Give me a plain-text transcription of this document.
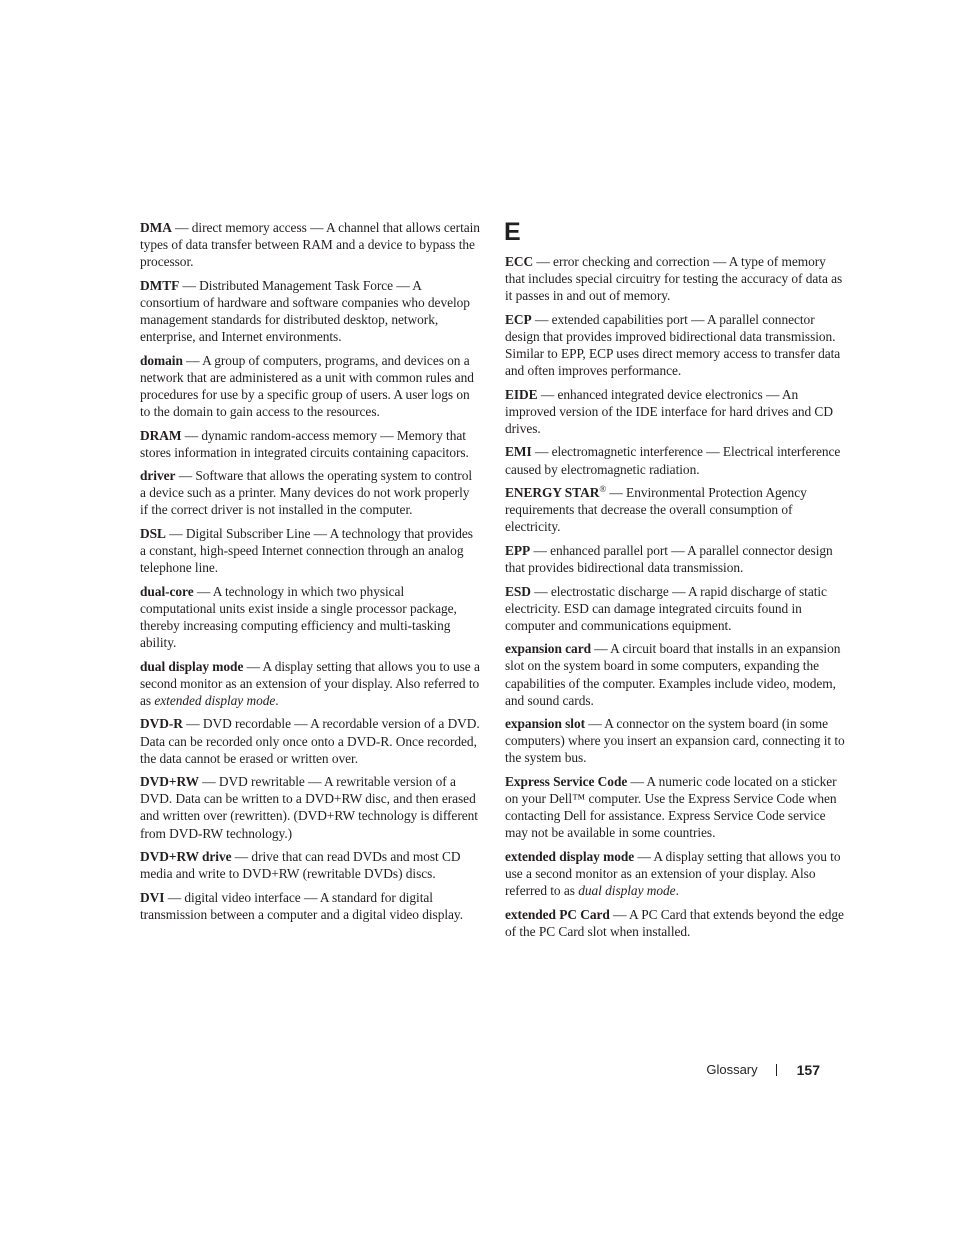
DMA — direct memory access — A channel that allows certain types of data transfer between RAM and a device to bypass the processor.

DMTF — Distributed Management Task Force — A consortium of hardware and software companies who develop management standards for distributed desktop, network, enterprise, and Internet environments.

domain — A group of computers, programs, and devices on a network that are administered as a unit with common rules and procedures for use by a specific group of users. A user logs on to the domain to gain access to the resources.

DRAM — dynamic random-access memory — Memory that stores information in integrated circuits containing capacitors.

driver — Software that allows the operating system to control a device such as a printer. Many devices do not work properly if the correct driver is not installed in the computer.

DSL — Digital Subscriber Line — A technology that provides a constant, high-speed Internet connection through an analog telephone line.

dual-core — A technology in which two physical computational units exist inside a single processor package, thereby increasing computing efficiency and multi-tasking ability.

dual display mode — A display setting that allows you to use a second monitor as an extension of your display. Also referred to as extended display mode.

DVD-R — DVD recordable — A recordable version of a DVD. Data can be recorded only once onto a DVD-R. Once recorded, the data cannot be erased or written over.

DVD+RW — DVD rewritable — A rewritable version of a DVD. Data can be written to a DVD+RW disc, and then erased and written over (rewritten). (DVD+RW technology is different from DVD-RW technology.)

DVD+RW drive — drive that can read DVDs and most CD media and write to DVD+RW (rewritable DVDs) discs.

DVI — digital video interface — A standard for digital transmission between a computer and a digital video display.

E

ECC — error checking and correction — A type of memory that includes special circuitry for testing the accuracy of data as it passes in and out of memory.

ECP — extended capabilities port — A parallel connector design that provides improved bidirectional data transmission. Similar to EPP, ECP uses direct memory access to transfer data and often improves performance.

EIDE — enhanced integrated device electronics — An improved version of the IDE interface for hard drives and CD drives.

EMI — electromagnetic interference — Electrical interference caused by electromagnetic radiation.

ENERGY STAR® — Environmental Protection Agency requirements that decrease the overall consumption of electricity.

EPP — enhanced parallel port — A parallel connector design that provides bidirectional data transmission.

ESD — electrostatic discharge — A rapid discharge of static electricity. ESD can damage integrated circuits found in computer and communications equipment.

expansion card — A circuit board that installs in an expansion slot on the system board in some computers, expanding the capabilities of the computer. Examples include video, modem, and sound cards.

expansion slot — A connector on the system board (in some computers) where you insert an expansion card, connecting it to the system bus.

Express Service Code — A numeric code located on a sticker on your Dell™ computer. Use the Express Service Code when contacting Dell for assistance. Express Service Code service may not be available in some countries.

extended display mode — A display setting that allows you to use a second monitor as an extension of your display. Also referred to as dual display mode.

extended PC Card — A PC Card that extends beyond the edge of the PC Card slot when installed.

Glossary	157
